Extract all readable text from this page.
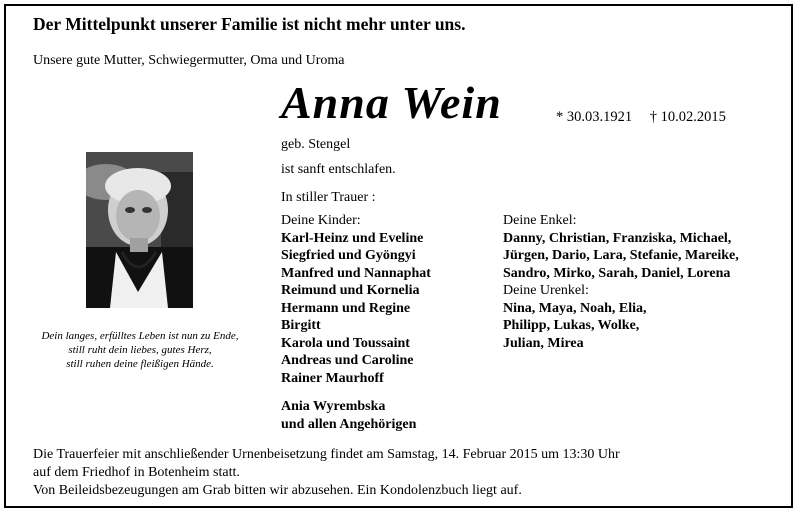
Der Mittelpunkt unserer Familie ist nicht mehr unter uns.
Unsere gute Mutter, Schwiegermutter, Oma und Uroma
Anna Wein	* 30.03.1921 † 10.02.2015
geb. Stengel
ist sanft entschlafen.
In stiller Trauer :
Dein langes, erfülltes Leben ist nun zu Ende,
still ruht dein liebes, gutes Herz,
still ruhen deine fleißigen Hände.
Deine Kinder:
Karl-Heinz und Eveline
Siegfried und Gyöngyi
Manfred und Nannaphat
Reimund und Kornelia
Hermann und Regine
Birgitt
Karola und Toussaint
Andreas und Caroline
Rainer Maurhoff
Ania Wyrembska
und allen Angehörigen
Deine Enkel:
Danny, Christian, Franziska, Michael,
Jürgen, Dario, Lara, Stefanie, Mareike,
Sandro, Mirko, Sarah, Daniel, Lorena
Deine Urenkel:
Nina, Maya, Noah, Elia,
Philipp, Lukas, Wolke,
Julian, Mirea
Die Trauerfeier mit anschließender Urnenbeisetzung findet am Samstag, 14. Februar 2015 um 13:30 Uhr
auf dem Friedhof in Botenheim statt.
Von Beileidsbezeugungen am Grab bitten wir abzusehen. Ein Kondolenzbuch liegt auf.
